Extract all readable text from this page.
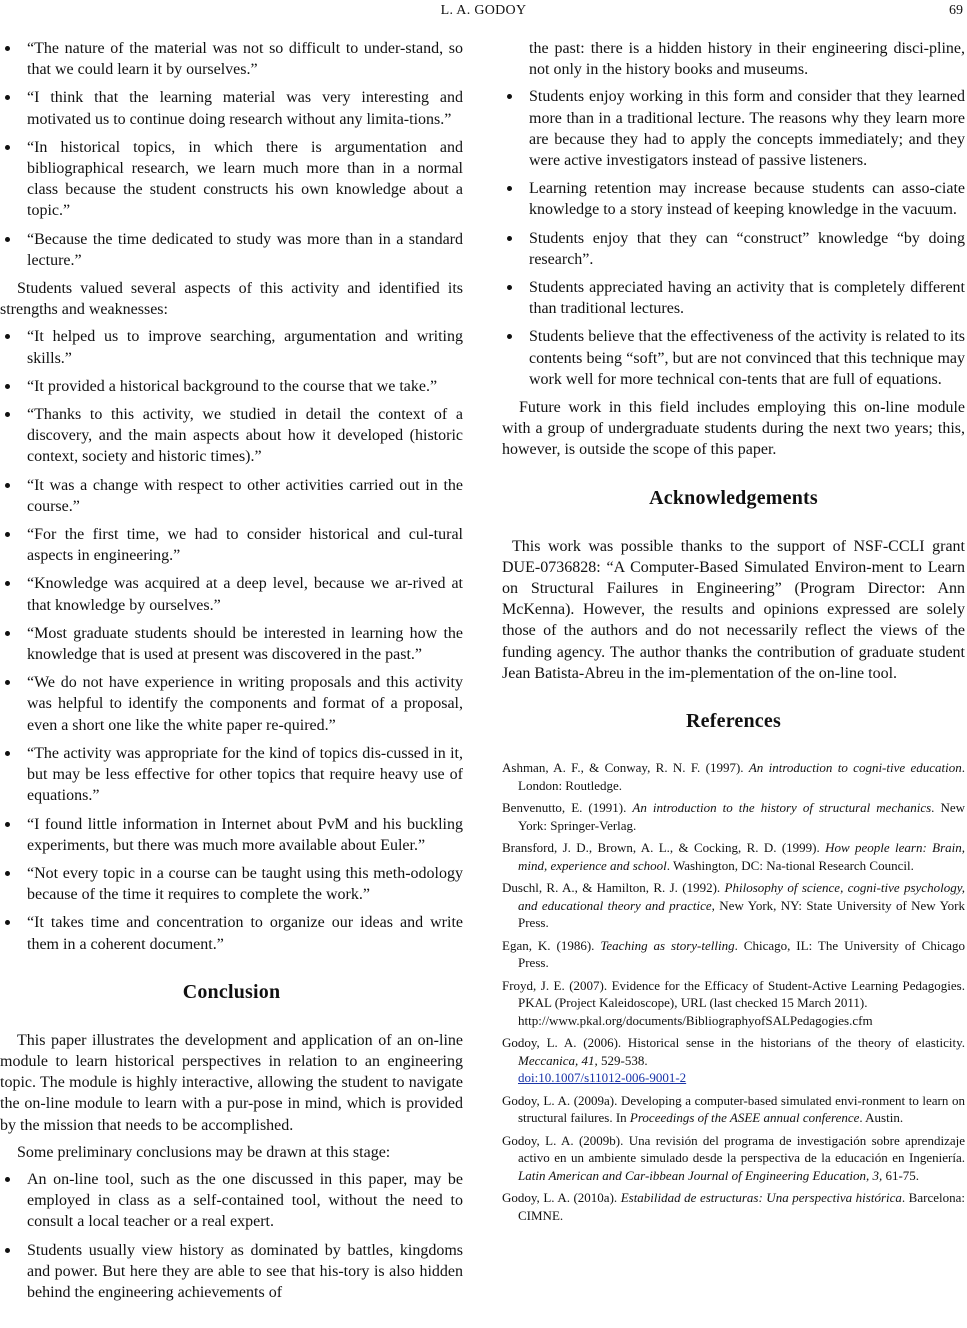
L. A. GODOY	69
“The nature of the material was not so difficult to under-stand, so that we could learn it by ourselves.”
“I think that the learning material was very interesting and motivated us to continue doing research without any limita-tions.”
“In historical topics, in which there is argumentation and bibliographical research, we learn much more than in a normal class because the student constructs his own knowledge about a topic.”
“Because the time dedicated to study was more than in a standard lecture.”

Students valued several aspects of this activity and identified its strengths and weaknesses:

“It helped us to improve searching, argumentation and writing skills.”
“It provided a historical background to the course that we take.”
“Thanks to this activity, we studied in detail the context of a discovery, and the main aspects about how it developed (historic context, society and historic times).”
“It was a change with respect to other activities carried out in the course.”
“For the first time, we had to consider historical and cul-tural aspects in engineering.”
“Knowledge was acquired at a deep level, because we ar-rived at that knowledge by ourselves.”
“Most graduate students should be interested in learning how the knowledge that is used at present was discovered in the past.”
“We do not have experience in writing proposals and this activity was helpful to identify the components and format of a proposal, even a short one like the white paper re-quired.”
“The activity was appropriate for the kind of topics dis-cussed in it, but may be less effective for other topics that require heavy use of equations.”
“I found little information in Internet about PvM and his buckling experiments, but there was much more available about Euler.”
“Not every topic in a course can be taught using this meth-odology because of the time it requires to complete the work.”
“It takes time and concentration to organize our ideas and write them in a coherent document.”
Conclusion

This paper illustrates the development and application of an on-line module to learn historical perspectives in relation to an engineering topic. The module is highly interactive, allowing the student to navigate the on-line module to learn with a pur-pose in mind, which is provided by the mission that needs to be accomplished.

Some preliminary conclusions may be drawn at this stage:

An on-line tool, such as the one discussed in this paper, may be employed in class as a self-contained tool, without the need to consult a local teacher or a real expert.
Students usually view history as dominated by battles, kingdoms and power. But here they are able to see that his-tory is also hidden behind the engineering achievements of

the past: there is a hidden history in their engineering disci-pline, not only in the history books and museums.

Students enjoy working in this form and consider that they learned more than in a traditional lecture. The reasons why they learn more are because they had to apply the concepts immediately; and they were active investigators instead of passive listeners.
Learning retention may increase because students can asso-ciate knowledge to a story instead of keeping knowledge in the vacuum.
Students enjoy that they can “construct” knowledge “by doing research”.
Students appreciated having an activity that is completely different than traditional lectures.
Students believe that the effectiveness of the activity is related to its contents being “soft”, but are not convinced that this technique may work well for more technical con-tents that are full of equations.

Future work in this field includes employing this on-line module with a group of undergraduate students during the next two years; this, however, is outside the scope of this paper.

Acknowledgements

This work was possible thanks to the support of NSF-CCLI grant DUE-0736828: “A Computer-Based Simulated Environ-ment to Learn on Structural Failures in Engineering” (Program Director: Ann McKenna). However, the results and opinions expressed are solely those of the authors and do not necessarily reflect the views of the funding agency. The author thanks the contribution of graduate student Jean Batista-Abreu in the im-plementation of the on-line tool.

References
Ashman, A. F., & Conway, R. N. F. (1997). An introduction to cogni-tive education. London: Routledge.
Benvenutto, E. (1991). An introduction to the history of structural mechanics. New York: Springer-Verlag.
Bransford, J. D., Brown, A. L., & Cocking, R. D. (1999). How people learn: Brain, mind, experience and school. Washington, DC: Na-tional Research Council.
Duschl, R. A., & Hamilton, R. J. (1992). Philosophy of science, cogni-tive psychology, and educational theory and practice, New York, NY: State University of New York Press.
Egan, K. (1986). Teaching as story-telling. Chicago, IL: The University of Chicago Press.
Froyd, J. E. (2007). Evidence for the Efficacy of Student-Active Learning Pedagogies. PKAL (Project Kaleidoscope), URL (last checked 15 March 2011).
http://www.pkal.org/documents/BibliographyofSALPedagogies.cfm
Godoy, L. A. (2006). Historical sense in the historians of the theory of elasticity. Meccanica, 41, 529-538.
doi:10.1007/s11012-006-9001-2
Godoy, L. A. (2009a). Developing a computer-based simulated envi-ronment to learn on structural failures. In Proceedings of the ASEE annual conference. Austin.
Godoy, L. A. (2009b). Una revisión del programa de investigación sobre aprendizaje activo en un ambiente simulado desde la perspectiva de la educación en Ingeniería. Latin American and Car-ibbean Journal of Engineering Education, 3, 61-75.
Godoy, L. A. (2010a). Estabilidad de estructuras: Una perspectiva histórica. Barcelona: CIMNE.
